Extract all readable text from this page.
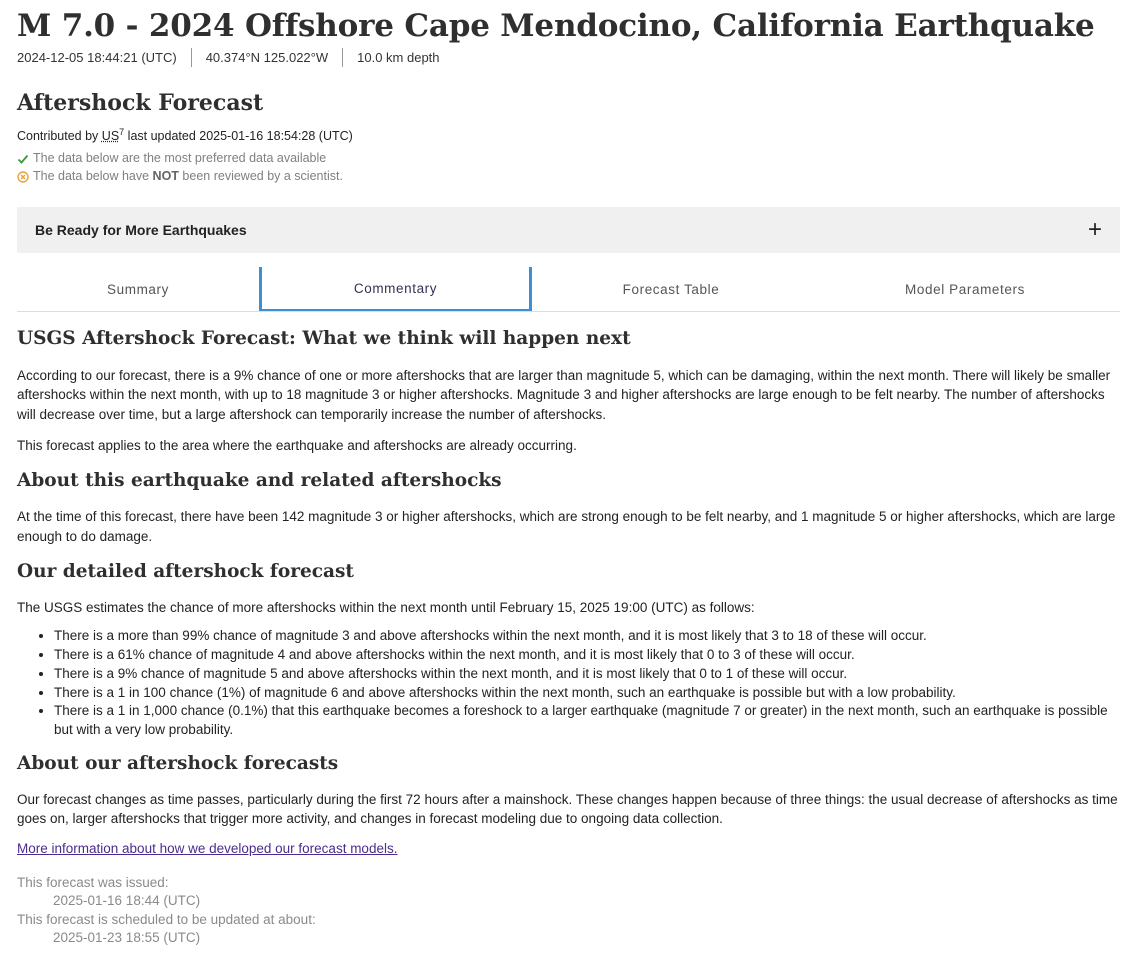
M 7.0 - 2024 Offshore Cape Mendocino, California Earthquake
2024-12-05 18:44:21 (UTC) 40.374°N 125.022°W 10.0 km depth
Aftershock Forecast
Contributed by $US^7$ last updated 2025-01-16 18:54:28 (UTC)
The data below are the most preferred data available
The data below have
NOT
been reviewed by a scientist.
Be Ready for More Earthquakes	+
Summary	Commentary	Forecast Table	Model Parameters
USGS Aftershock Forecast: What we think will happen next

According to our forecast, there is a 9% chance of one or more aftershocks that are larger than magnitude 5, which can be damaging, within the next month. There will likely be smaller aftershocks within the next month, with up to 18 magnitude 3 or higher aftershocks. Magnitude 3 and higher aftershocks are large enough to be felt nearby. The number of aftershocks will decrease over time, but a large aftershock can temporarily increase the number of aftershocks.

This forecast applies to the area where the earthquake and aftershocks are already occurring.

About this earthquake and related aftershocks

At the time of this forecast, there have been 142 magnitude 3 or higher aftershocks, which are strong enough to be felt nearby, and 1 magnitude 5 or higher aftershocks, which are large enough to do damage.

Our detailed aftershock forecast

The USGS estimates the chance of more aftershocks within the next month until February 15, 2025 19:00 (UTC) as follows:

• There is a more than 99% chance of magnitude 3 and above aftershocks within the next month, and it is most likely that 3 to 18 of these will occur.
• There is a 61% chance of magnitude 4 and above aftershocks within the next month, and it is most likely that 0 to 3 of these will occur.
• There is a 9% chance of magnitude 5 and above aftershocks within the next month, and it is most likely that 0 to 1 of these will occur.
• There is a 1 in 100 chance (1%) of magnitude 6 and above aftershocks within the next month, such an earthquake is possible but with a low probability.
• There is a 1 in 1,000 chance (0.1%) that this earthquake becomes a foreshock to a larger earthquake (magnitude 7 or greater) in the next month, such an earthquake is possible but with a very low probability.
About our aftershock forecasts

Our forecast changes as time passes, particularly during the first 72 hours after a mainshock. These changes happen because of three things: the usual decrease of aftershocks as time goes on, larger aftershocks that trigger more activity, and changes in forecast modeling due to ongoing data collection.

More information about how we developed our forecast models.
This forecast was issued:
2025-01-16 18:44 (UTC)
This forecast is scheduled to be updated at about:
2025-01-23 18:55 (UTC)
